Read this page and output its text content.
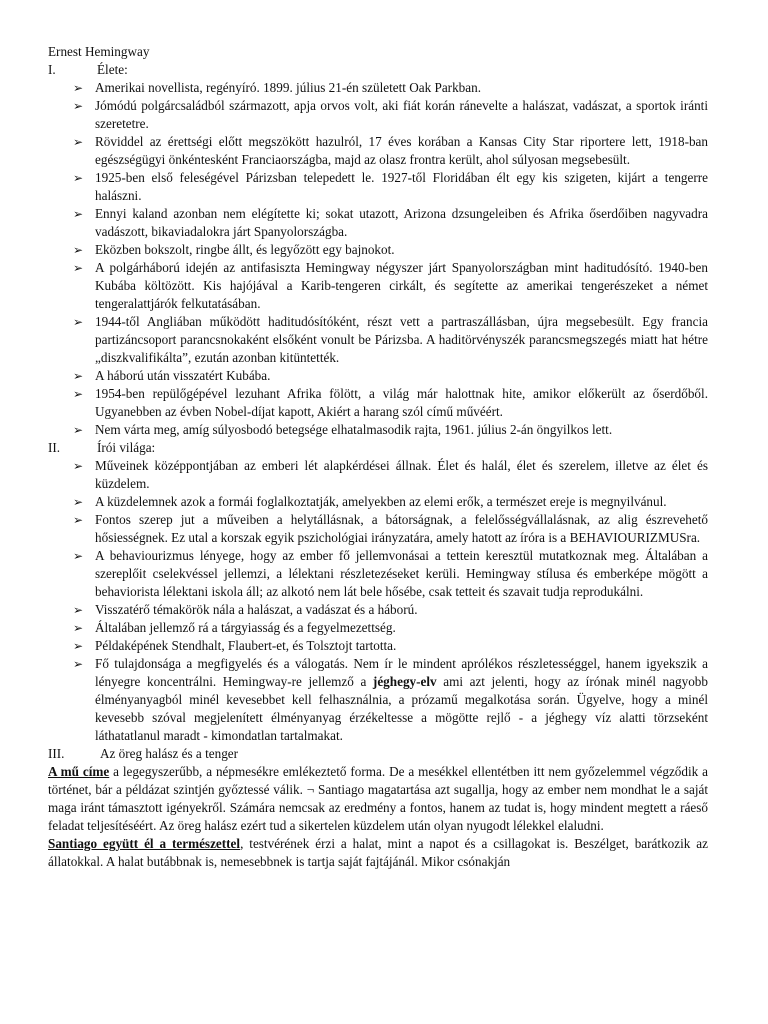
Ernest Hemingway
I.	Élete:
➢ Amerikai novellista, regényíró. 1899. július 21-én született Oak Parkban.
➢ Jómódú polgárcsaládból származott, apja orvos volt, aki fiát korán ránevelte a halászat, vadászat, a sportok iránti szeretetre.
➢ Röviddel az érettségi előtt megszökött hazulról, 17 éves korában a Kansas City Star riportere lett, 1918-ban egészségügyi önkéntesként Franciaországba, majd az olasz frontra került, ahol súlyosan megsebesült.
➢ 1925-ben első feleségével Párizsban telepedett le. 1927-től Floridában élt egy kis szigeten, kijárt a tengerre halászni.
➢ Ennyi kaland azonban nem elégítette ki; sokat utazott, Arizona dzsungeleiben és Afrika őserdőiben nagyvadra vadászott, bikaviadalokra járt Spanyolországba.
➢ Eközben bokszolt, ringbe állt, és legyőzött egy bajnokot.
➢ A polgárháború idején az antifasiszta Hemingway négyszer járt Spanyolországban mint haditudósító. 1940-ben Kubába költözött. Kis hajójával a Karib-tengeren cirkált, és segítette az amerikai tengerészeket a német tengeralattjárók felkutatásában.
➢ 1944-től Angliában működött haditudósítóként, részt vett a partraszállásban, újra megsebesült. Egy francia partizáncsoport parancsnokaként elsőként vonult be Párizsba. A haditörvényszék parancsmegszegés miatt hat hétre „diszkvalifikálta”, ezután azonban kitüntették.
➢ A háború után visszatért Kubába.
➢ 1954-ben repülőgépével lezuhant Afrika fölött, a világ már halottnak hite, amikor előkerült az őserdőből. Ugyanebben az évben Nobel-díjat kapott, Akiért a harang szól című művéért.
➢ Nem várta meg, amíg súlyosbodó betegsége elhatalmasodik rajta, 1961. július 2-án öngyilkos lett.
II.	Írói világa:
➢ Műveinek középpontjában az emberi lét alapkérdései állnak. Élet és halál, élet és szerelem, illetve az élet és küzdelem.
➢ A küzdelemnek azok a formái foglalkoztatják, amelyekben az elemi erők, a természet ereje is megnyilvánul.
➢ Fontos szerep jut a műveiben a helytállásnak, a bátorságnak, a felelősségvállalásnak, az alig észrevehető hősiességnek. Ez utal a korszak egyik pszichológiai irányzatára, amely hatott az íróra is a BEHAVIOURIZMUSra.
➢ A behaviourizmus lényege, hogy az ember fő jellemvonásai a tettein keresztül mutatkoznak meg. Általában a szereplőit cselekvéssel jellemzi, a lélektani részletezéseket kerüli. Hemingway stílusa és emberképe mögött a behaviorista lélektani iskola áll; az alkotó nem lát bele hősébe, csak tetteit és szavait tudja reprodukálni.
➢ Visszatérő témakörök nála a halászat, a vadászat és a háború.
➢ Általában jellemző rá a tárgyiasság és a fegyelmezettség.
➢ Példaképének Stendhalt, Flaubert-et, és Tolsztojt tartotta.
➢ Fő tulajdonsága a megfigyelés és a válogatás. Nem ír le mindent aprólékos részletességgel, hanem igyekszik a lényegre koncentrálni. Hemingway-re jellemző a jéghegy-elv ami azt jelenti, hogy az írónak minél nagyobb élményanyagból minél kevesebbet kell felhasználnia, a prózamű megalkotása során. Ügyelve, hogy a minél kevesebb szóval megjelenített élményanyag érzékeltesse a mögötte rejlő - a jéghegy víz alatti törzseként láthatatlanul maradt - kimondatlan tartalmakat.
III.	Az öreg halász és a tenger

A mű címe a legegyszerűbb, a népmesékre emlékeztető forma. De a mesékkel ellentétben itt nem győzelemmel végződik a történet, bár a példázat szintjén győztessé válik. ¬ Santiago magatartása azt sugallja, hogy az ember nem mondhat le a saját maga iránt támasztott igényekről. Számára nemcsak az eredmény a fontos, hanem az tudat is, hogy mindent megtett a ráeső feladat teljesítéséért. Az öreg halász ezért tud a sikertelen küzdelem után olyan nyugodt lélekkel elaludni.

Santiago együtt él a természettel, testvérének érzi a halat, mint a napot és a csillagokat is. Beszélget, barátkozik az állatokkal. A halat butábbnak is, nemesebbnek is tartja saját fajtájánál. Mikor csónakján
